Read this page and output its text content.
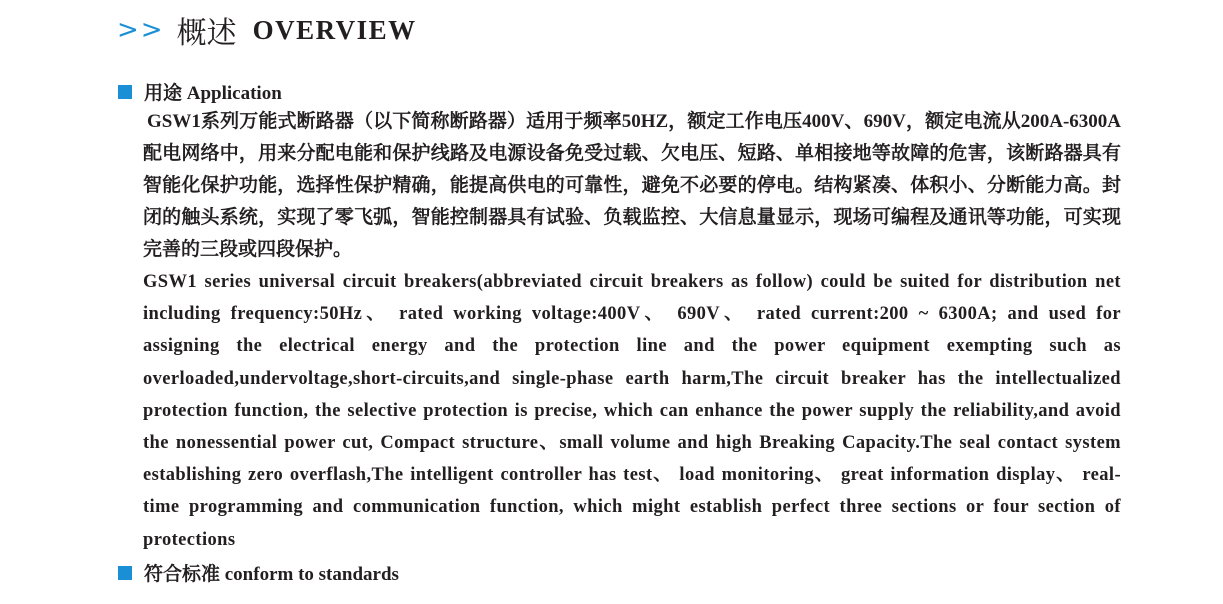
>> 概述 OVERVIEW
用途 Application

GSW1系列万能式断路器（以下简称断路器）适用于频率50HZ，额定工作电压400V、690V，额定电流从200A-6300A配电网络中，用来分配电能和保护线路及电源设备免受过载、欠电压、短路、单相接地等故障的危害，该断路器具有智能化保护功能，选择性保护精确，能提高供电的可靠性，避免不必要的停电。结构紧凑、体积小、分断能力高。封闭的触头系统，实现了零飞弧，智能控制器具有试验、负载监控、大信息量显示，现场可编程及通讯等功能，可实现完善的三段或四段保护。

GSW1 series universal circuit breakers(abbreviated circuit breakers as follow) could be suited for distribution net including frequency:50Hz、 rated working voltage:400V、 690V、 rated current:200 ~ 6300A; and used for assigning the electrical energy and the protection line and the power equipment exempting such as overloaded,undervoltage,short-circuits,and single-phase earth harm,The circuit breaker has the intellectualized protection function, the selective protection is precise, which can enhance the power supply the reliability,and avoid the nonessential power cut, Compact structure、small volume and high Breaking Capacity.The seal contact system establishing zero overflash,The intelligent controller has test、 load monitoring、 great information display、 real-time programming and communication function, which might establish perfect three sections or four section of protections

符合标准 conform to standards
